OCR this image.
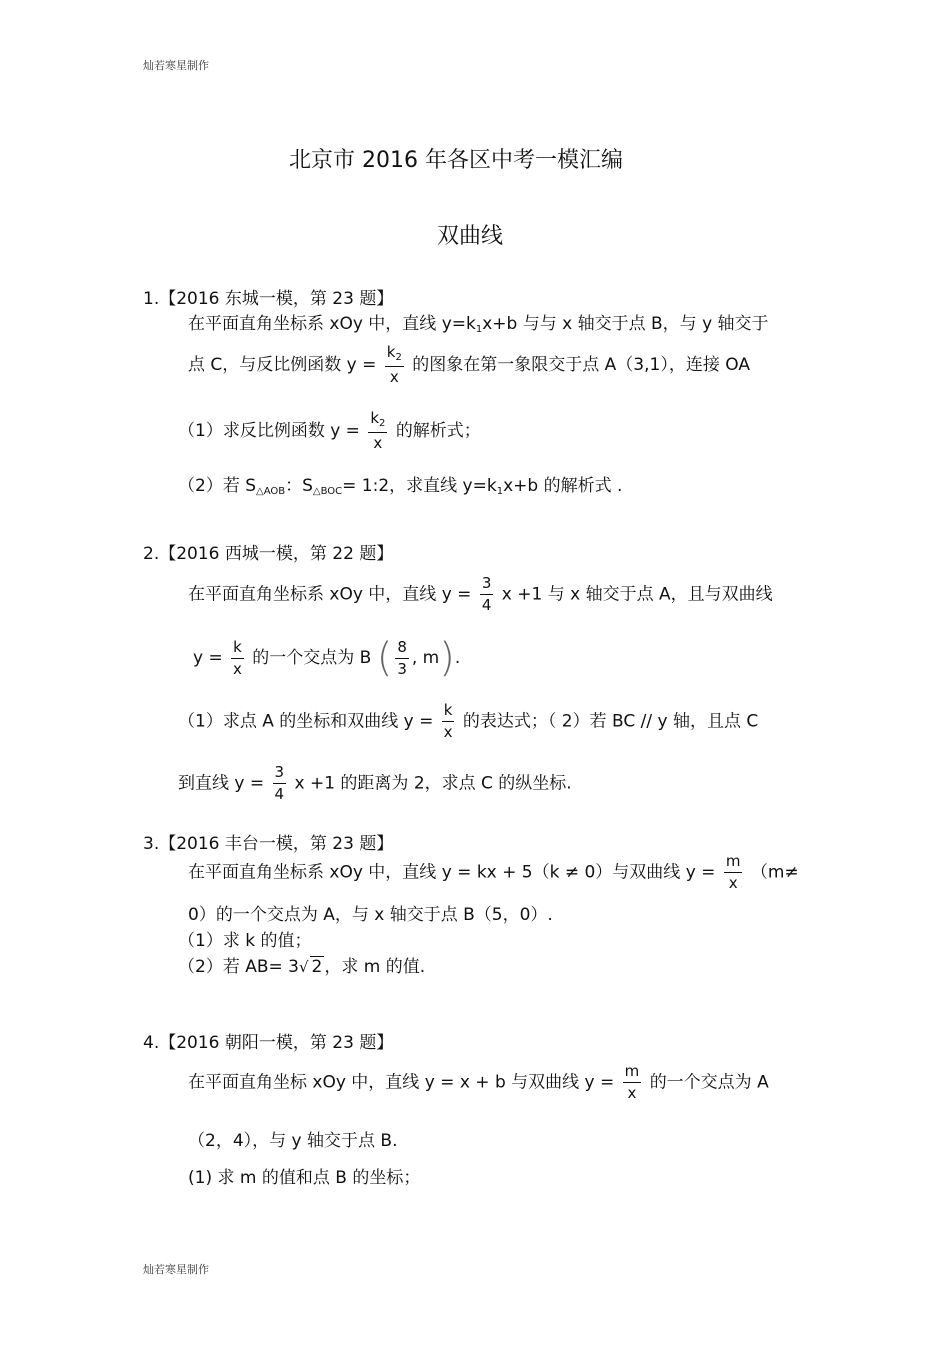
灿若寒星制作
北京市 2016 年各区中考一模汇编
双曲线
1.【2016 东城一模，第 23 题】
在平面直角坐标系 xOy 中，直线 $y=k_1x+b$ 与与 x 轴交于点 B，与 y 轴交于
点 C，与反比例函数 $y = \frac{k_2}{x}$ 的图象在第一象限交于点 A（3,1），连接 OA
（1）求反比例函数 $y = \frac{k_2}{x}$ 的解析式；
（2）若 $S_{\triangle AOB}$：$S_{\triangle BOC}=$ 1:2，求直线 $y=k_1x+b$ 的解析式 .
2.【2016 西城一模，第 22 题】
在平面直角坐标系 xOy 中，直线 $y = \frac{3}{4}$ x +1 与 x 轴交于点 A，且与双曲线
$y = \frac{k}{x}$ 的一个交点为 B ( $\frac{8}{3}$ , m).
（1）求点 A 的坐标和双曲线 $y = \frac{k}{x}$ 的表达式；（ 2）若 BC // y 轴，且点 C
到直线 $y = \frac{3}{4}$ x +1 的距离为 2，求点 C 的纵坐标.
3.【2016 丰台一模，第 23 题】
在平面直角坐标系 xOy 中，直线 y = kx + 5（k ≠ 0）与双曲线 $y = \frac{m}{x} (m\ne$
0）的一个交点为 A，与 x 轴交于点 B（5，0）.
（1）求 k 的值；
（2）若 AB= 3√ 2 ，求 m 的值.
4.【2016 朝阳一模，第 23 题】
在平面直角坐标 xOy 中，直线 y = x + b 与双曲线 $y = \frac{m}{x}$ 的一个交点为 A
（2，4），与 y 轴交于点 B.
(1) 求 m 的值和点 B 的坐标；
灿若寒星制作
